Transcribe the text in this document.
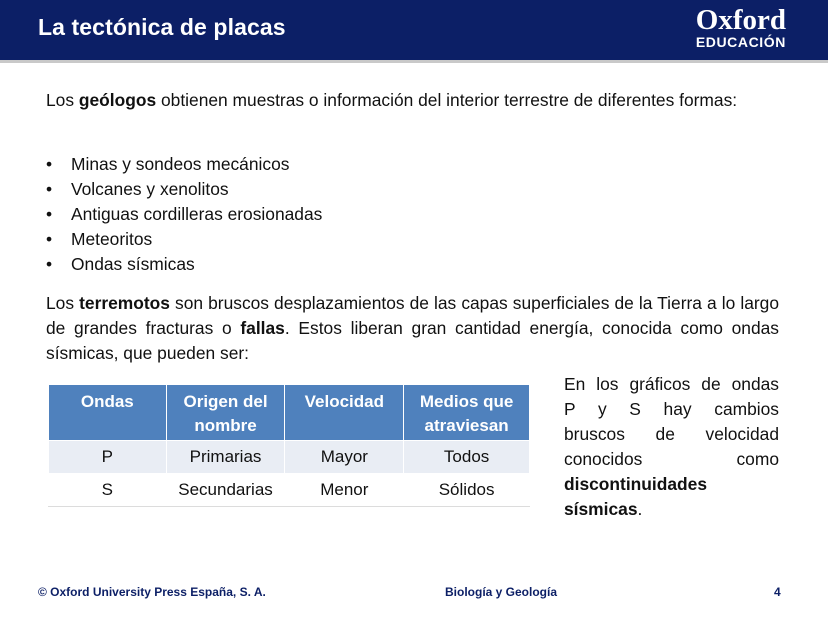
La tectónica de placas	Oxford
EDUCACIÓN

Los geólogos obtienen muestras o información del interior terrestre de diferentes formas:

• Minas y sondeos mecánicos
• Volcanes y xenolitos
• Antiguas cordilleras erosionadas
• Meteoritos
• Ondas sísmicas

Los terremotos son bruscos desplazamientos de las capas superficiales de la Tierra a lo largo de grandes fracturas o fallas. Estos liberan gran cantidad energía, conocida como ondas sísmicas, que pueden ser:

Ondas	Origen del nombre	Velocidad	Medios que atraviesan
P	Primarias	Mayor	Todos
S	Secundarias	Menor	Sólidos
En los gráficos de ondas
P y S hay cambios
bruscos de velocidad
conocidos como
discontinuidades
sísmicas.
© Oxford University Press España, S. A.	Biología y Geología	4
